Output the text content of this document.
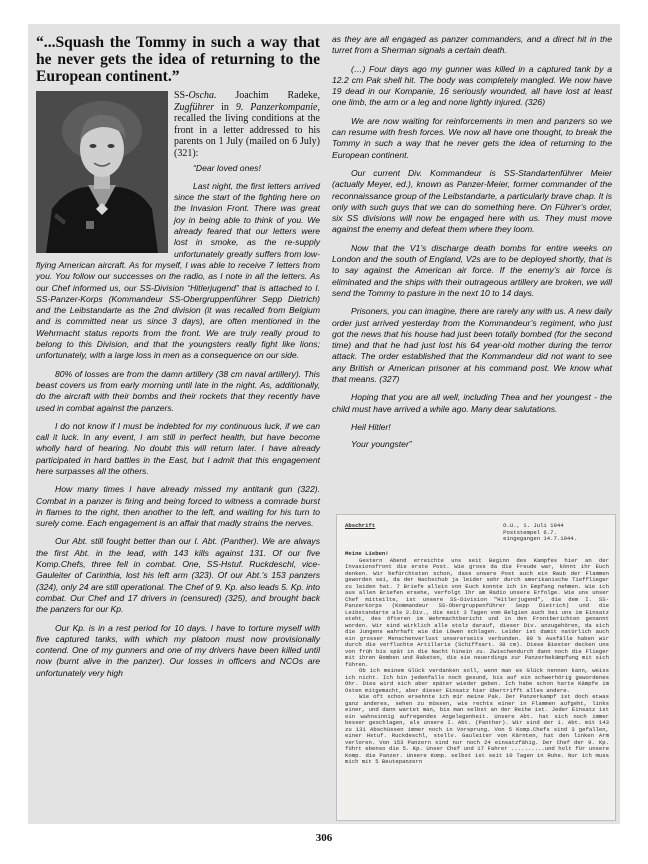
“...Squash the Tommy in such a way that he never gets the idea of returning to the European continent.”
SS-Oscha. Joachim Radeke, Zugführer in 9. Panzerkompanie, recalled the living conditions at the front in a letter addressed to his parents on 1 July (mailed on 6 July) (321):

“Dear loved ones!

Last night, the first letters arrived since the start of the fighting here on the Invasion Front. There was great joy in being able to think of you. We already feared that our letters were lost in smoke, as the re-supply unfortunately greatly suffers from low-flying American aircraft. As for myself, I was able to receive 7 letters from you. You follow our successes on the radio, as I note in all the letters. As our Chef informed us, our SS-Division “Hitlerjugend” that is attached to I. SS-Panzer-Korps (Kommandeur SS-Obergruppenführer Sepp Dietrich) and the Leibstandarte as the 2nd division (it was recalled from Belgium and is committed near us since 3 days), are often mentioned in the Wehrmacht status reports from the front. We are truly really proud to belong to this Division, and that the youngsters really fight like lions; unfortunately, with a large loss in men as a consequence on our side.

80% of losses are from the damn artillery (38 cm naval artillery). This beast covers us from early morning until late in the night. As, additionally, do the aircraft with their bombs and their rockets that they recently have used in combat against the panzers.

I do not know if I must be indebted for my continuous luck, if we can call it luck. In any event, I am still in perfect health, but have become wholly hard of hearing. No doubt this will return later. I have already participated in hard battles in the East, but I admit that this engagement here surpasses all the others.

How many times I have already missed my antitank gun (322). Combat in a panzer is firing and being forced to witness a comrade burst in flames to the right, then another to the left, and waiting for his turn to surely come. Each engagement is an affair that madly strains the nerves.

Our Abt. still fought better than our I. Abt. (Panther). We are always the first Abt. in the lead, with 143 kills against 131. Of our five Komp.Chefs, three fell in combat. One, SS-Hstuf. Ruckdeschl, vice-Gauleiter of Carinthia, lost his left arm (323). Of our Abt.’s 153 panzers (324), only 24 are still operational. The Chef of 9. Kp. also leads 5. Kp. into combat. Our Chef and 17 drivers in (censured) (325), and brought back the panzers for our Kp.

Our Kp. is in a rest period for 10 days. I have to torture myself with five captured tanks, with which my platoon must now provisionally contend. One of my gunners and one of my drivers have been killed until now (burnt alive in the panzer). Our losses in officers and NCOs are unfortunately very high

as they are all engaged as panzer commanders, and a direct hit in the turret from a Sherman signals a certain death.

(…) Four days ago my gunner was killed in a captured tank by a 12.2 cm Pak shell hit. The body was completely mangled. We now have 19 dead in our Kompanie, 16 seriously wounded, all have lost at least one limb, the arm or a leg and none lightly injured. (326)

We are now waiting for reinforcements in men and panzers so we can resume with fresh forces. We now all have one thought, to break the Tommy in such a way that he never gets the idea of returning to the European continent.

Our current Div. Kommandeur is SS-Standartenführer Meier (actually Meyer, ed.), known as Panzer-Meier, former commander of the reconnaissance group of the Leibstandarte, a particularly brave chap. It is only with such guys that we can do something here. On Führer’s order, six SS divisions will now be engaged here with us. They must move against the enemy and defeat them where they loom.

Now that the V1’s discharge death bombs for entire weeks on London and the south of England, V2s are to be deployed shortly, that is to say against the American air force. If the enemy’s air force is eliminated and the ships with their outrageous artillery are broken, we will send the Tommy to pasture in the next 10 to 14 days.

Prisoners, you can imagine, there are rarely any with us. A new daily order just arrived yesterday from the Kommandeur’s regiment, who just got the news that his house had just been totally bombed (for the second time) and that he had just lost his 64 year-old mother during the terror attack. The order established that the Kommandeur did not want to see any British or American prisoner at his command post. We know what that means. (327)

Hoping that you are all well, including Thea and her youngest - the child must have arrived a while ago. Many dear salutations.

Heil Hitler!

Your youngster”

Abschrift	O.U., 1. Juli 1944
Poststempel 6.7.
eingegangen 14.7.1944.

Meine Lieben!

Gestern Abend erreichte uns seit Beginn des Kampfes hier an der Invasionsfront die erste Post. Wie gross da die Freude war, könnt ihr Euch denken. Wir befürchteten schon, dass unsere Post auch ein Raub der Flammen geworden sei, da der Nachschub ja leider sehr durch amerikanische Tiefflieger zu leiden hat. 7 Briefe allein von Euch konnte ich in Empfang nehmen. Wie ich aus allen Briefen ersehe, verfolgt Ihr am Radio unsere Erfolge. Wie uns unser Chef mitteilte, ist unsere SS-Division "Hitlerjugend", die dem I. SS-Panzerkorps (Kommandeur SS-Obergruppenführer Sepp Dietrich) und die Leibstandarte als 2.Div., die seit 3 Tagen vom Belgien auch bei uns im Einsatz steht, des öfteren im Wehrmachtbericht und in den Frontberichten genannt worden. Wir sind wirklich alle stolz darauf, dieser Div. anzugehören, da sich die Jungens wahrhaft wie die Löwen schlagen. Leider ist damit natürlich auch ein grosser Menschenverlust unsererseits verbunden. 80 % Ausfälle haben wir durch die verfluchte Artillerie (Schiffsart. 38 cm). Diese Biester decken uns von früh bis spät in die Nacht hinein zu. Zwischendurch dann noch die Flieger mit ihren Bomben und Raketen, die sie neuerdings zur Panzerbekämpfung mit sich führen.

Ob ich meinem Glück verdanken soll, wenn man es Glück nennen kann, weiss ich nicht. Ich bin jedenfalls noch gesund, bis auf ein schwerhörig gewordenes Ohr. Dies wird sich aber später wieder geben. Ich habe schon harte Kämpfe im Osten mitgemacht, aber dieser Einsatz hier übertrifft alles andere.

Wie oft schon ersehnte ich mir meine Pak. Der Panzerkampf ist doch etwas ganz anderes, sehen zu müssen, wie rechts einer in Flammen aufgeht, links einer, und dann wartet man, bis man selbst an der Reihe ist. Jeder Einsatz ist ein wahnsinnig aufregendes Angelegenheit. Unsere Abt. hat sich noch immer besser geschlagen, als unsere I. Abt. (Panther). Wir sind der 1. Abt. mit 143 zu 131 Abschüssen immer noch in Vorsprung. Von 5 Komp.Chefs sind 3 gefallen, einer Hstuf. Ruckdeschl, stellv. Gauleiter von Kärnten, hat den linken Arm verloren. Von 153 Panzern sind nur noch 24 einsatzfähig. Der Chef der 9. Kp. führt ebenso die 5. Kp. Unser Chef und 17 Fahrer ..........und holt für unsere Komp. die Panzer. Unsere Komp. selbst ist seit 10 Tagen in Ruhe. Nur ich muss mich mit 5 Beutepanzern

306
